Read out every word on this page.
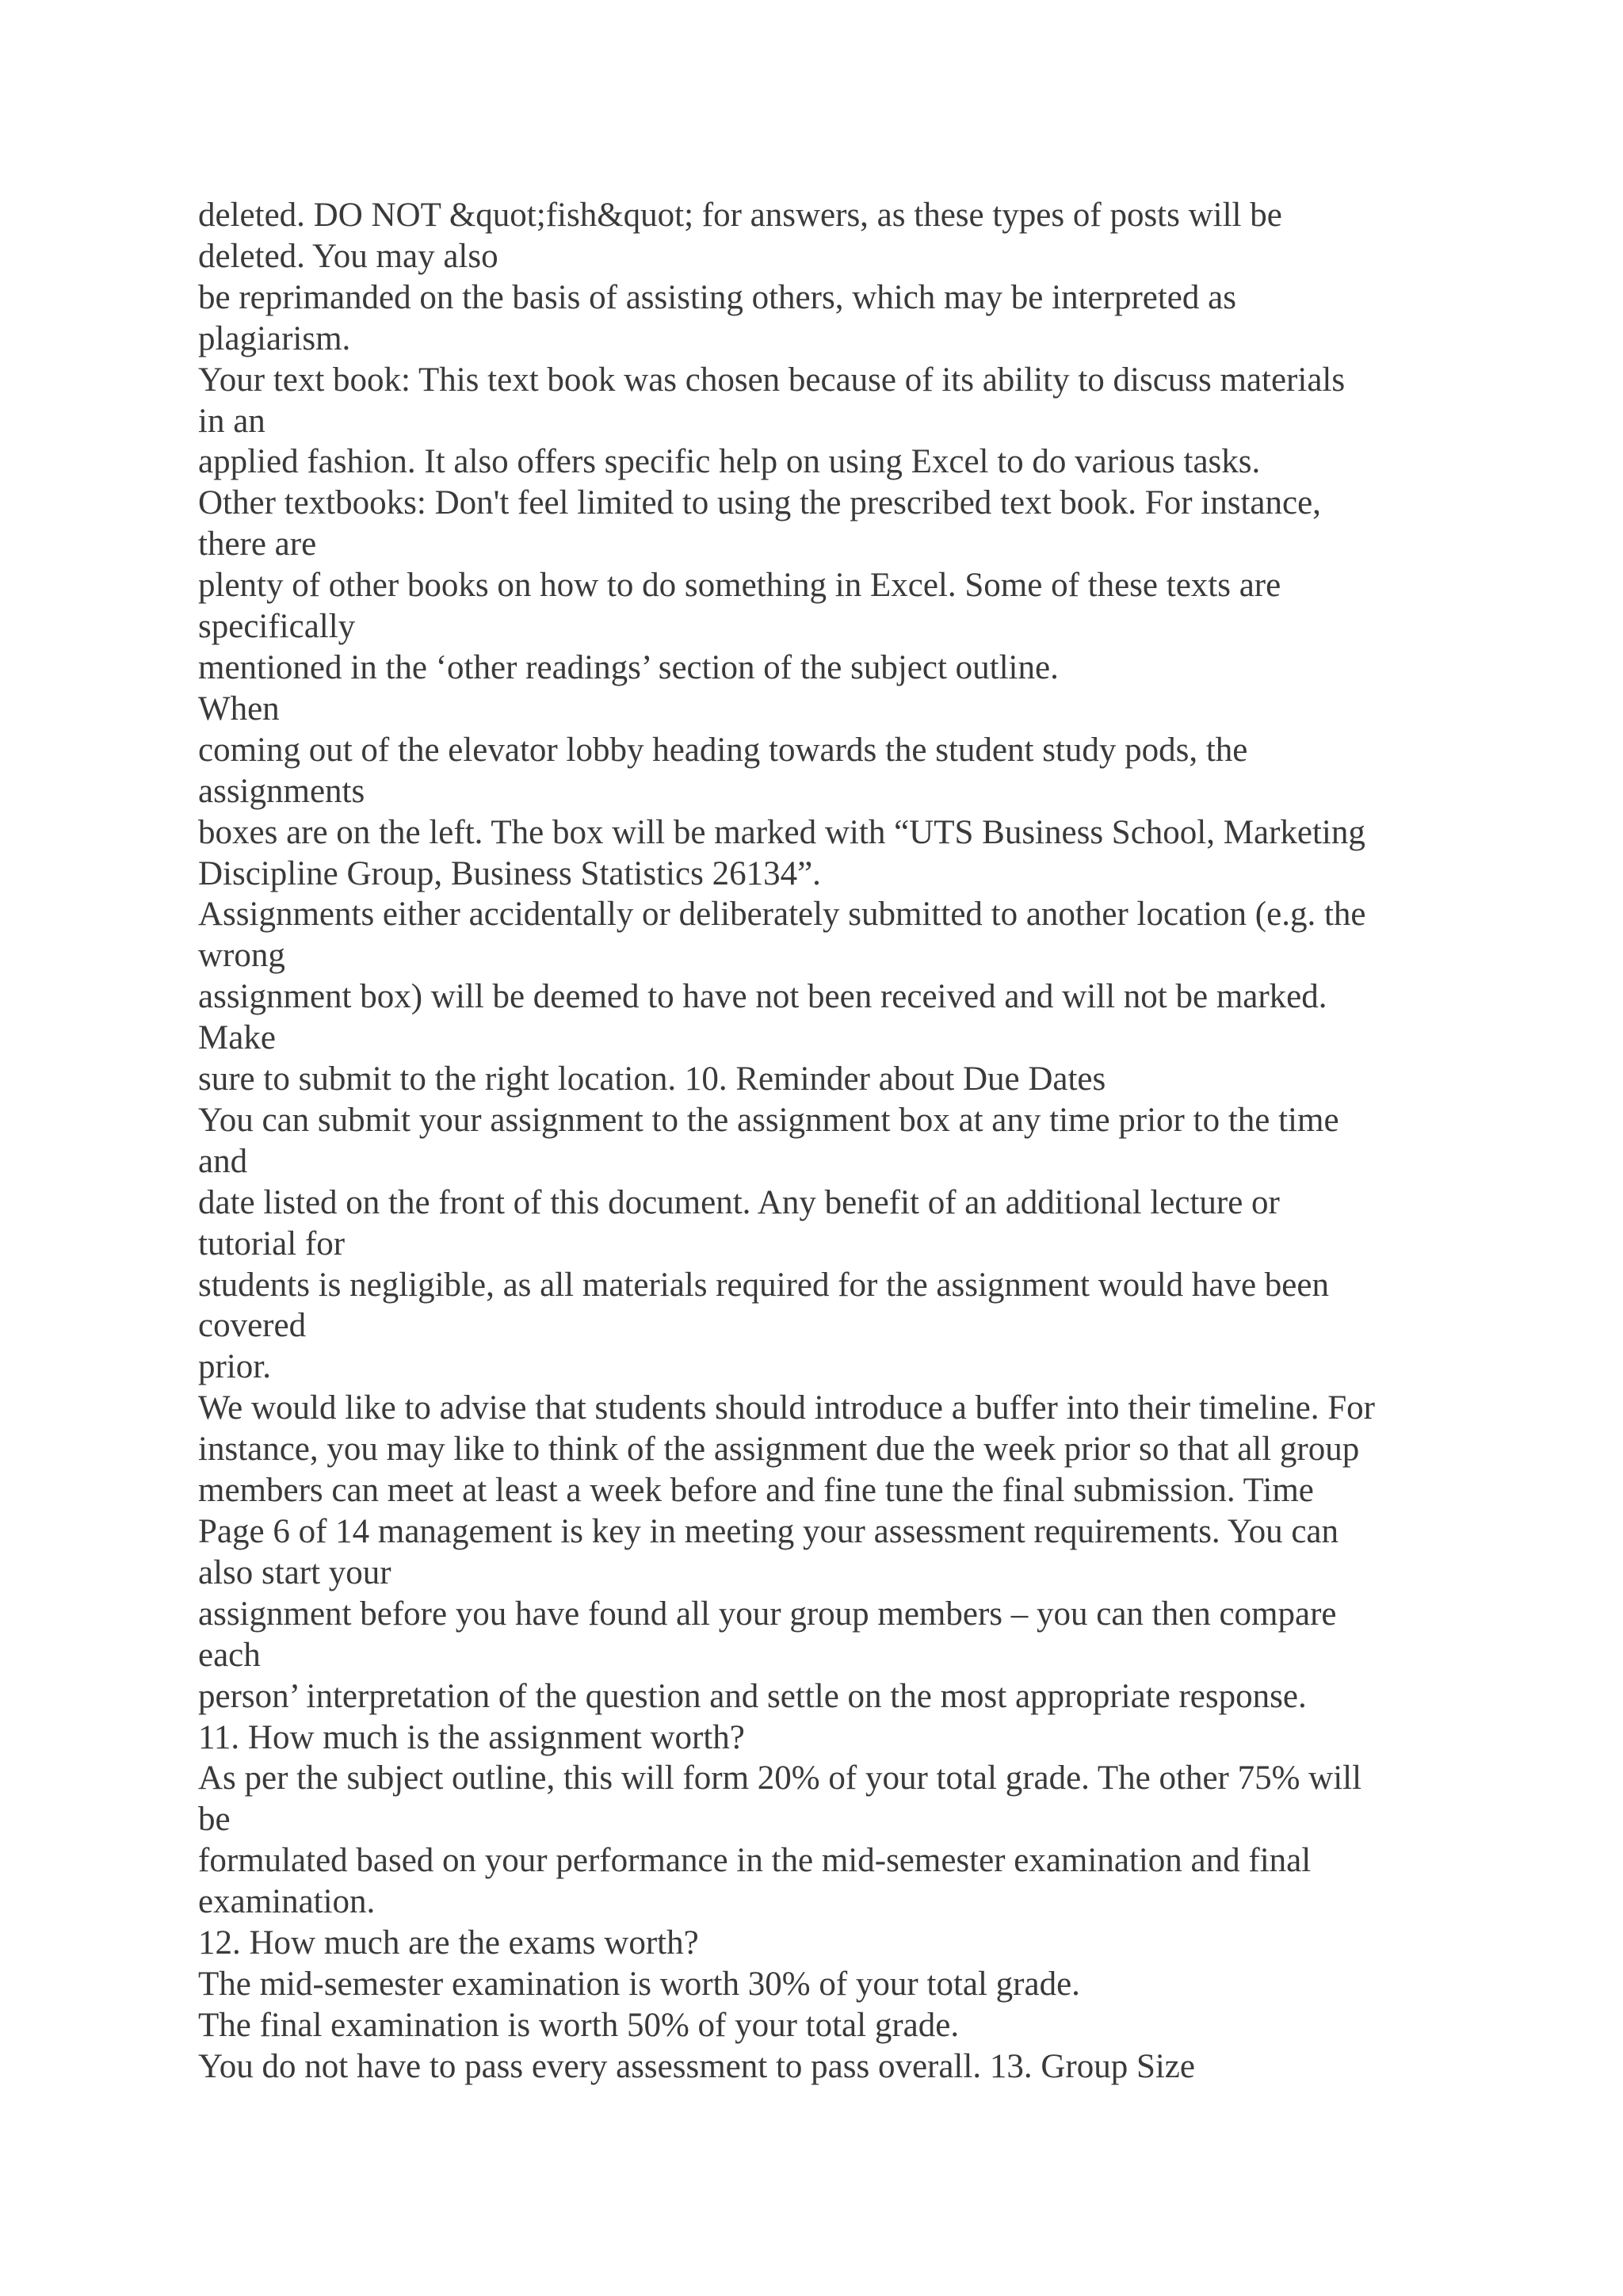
deleted. DO NOT &quot;fish&quot; for answers, as these types of posts will be
deleted. You may also
be reprimanded on the basis of assisting others, which may be interpreted as
plagiarism.
Your text book: This text book was chosen because of its ability to discuss materials
in an
applied fashion. It also offers specific help on using Excel to do various tasks.
Other textbooks: Don't feel limited to using the prescribed text book. For instance,
there are
plenty of other books on how to do something in Excel. Some of these texts are
specifically
mentioned in the ‘other readings’ section of the subject outline.
When
coming out of the elevator lobby heading towards the student study pods, the
assignments
boxes are on the left. The box will be marked with “UTS Business School, Marketing
Discipline Group, Business Statistics 26134”.
Assignments either accidentally or deliberately submitted to another location (e.g. the
wrong
assignment box) will be deemed to have not been received and will not be marked.
Make
sure to submit to the right location. 10. Reminder about Due Dates
You can submit your assignment to the assignment box at any time prior to the time
and
date listed on the front of this document. Any benefit of an additional lecture or
tutorial for
students is negligible, as all materials required for the assignment would have been
covered
prior.
We would like to advise that students should introduce a buffer into their timeline. For
instance, you may like to think of the assignment due the week prior so that all group
members can meet at least a week before and fine tune the final submission. Time
Page 6 of 14 management is key in meeting your assessment requirements. You can
also start your
assignment before you have found all your group members – you can then compare
each
person’ interpretation of the question and settle on the most appropriate response.
11. How much is the assignment worth?
As per the subject outline, this will form 20% of your total grade. The other 75% will
be
formulated based on your performance in the mid-semester examination and final
examination.
12. How much are the exams worth?
The mid-semester examination is worth 30% of your total grade.
The final examination is worth 50% of your total grade.
You do not have to pass every assessment to pass overall. 13. Group Size
